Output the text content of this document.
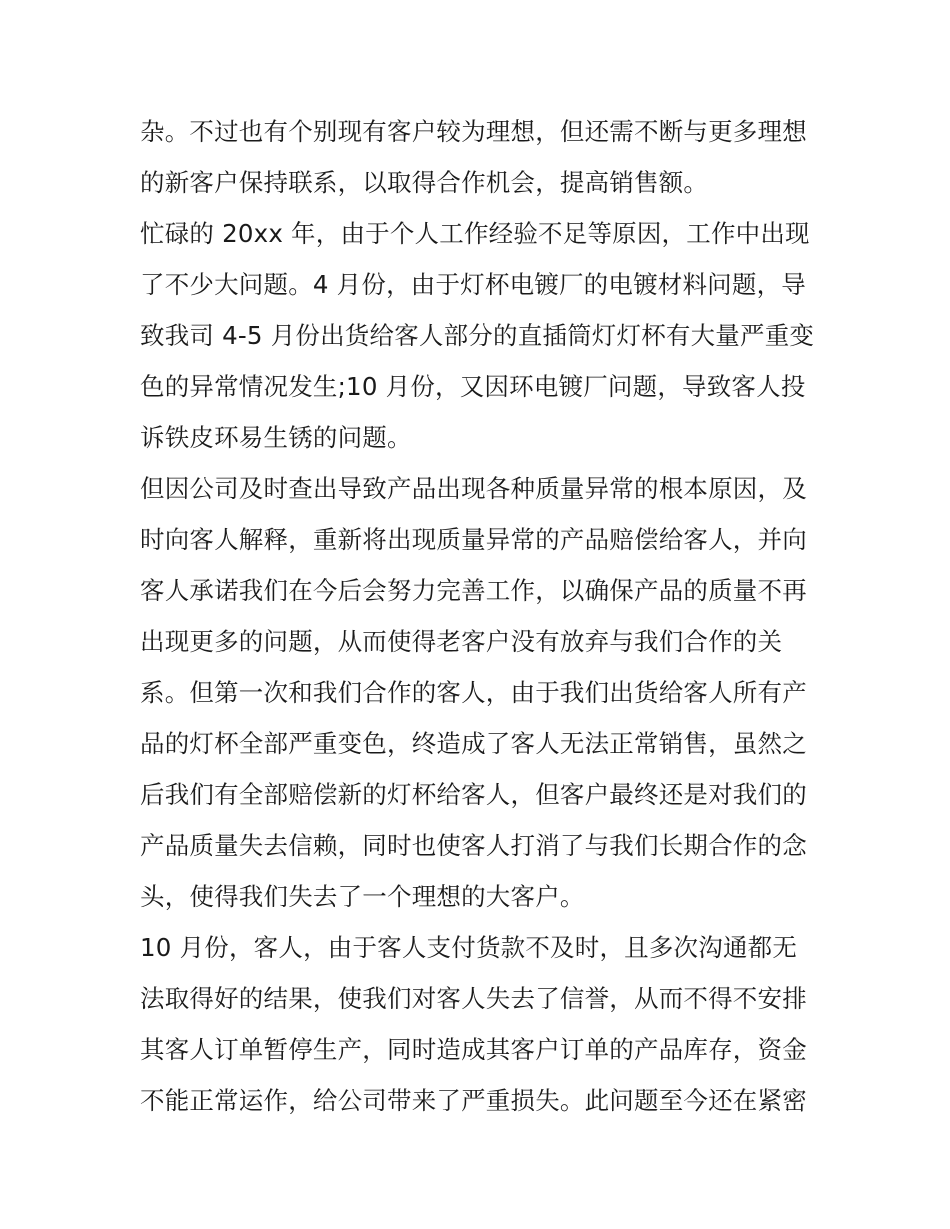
杂。不过也有个别现有客户较为理想，但还需不断与更多理想
的新客户保持联系，以取得合作机会，提高销售额。
忙碌的 20xx 年，由于个人工作经验不足等原因，工作中出现
了不少大问题。4 月份，由于灯杯电镀厂的电镀材料问题，导
致我司 4-5 月份出货给客人部分的直插筒灯灯杯有大量严重变
色的异常情况发生;10 月份，又因环电镀厂问题，导致客人投
诉铁皮环易生锈的问题。
但因公司及时查出导致产品出现各种质量异常的根本原因，及
时向客人解释，重新将出现质量异常的产品赔偿给客人，并向
客人承诺我们在今后会努力完善工作，以确保产品的质量不再
出现更多的问题，从而使得老客户没有放弃与我们合作的关
系。但第一次和我们合作的客人，由于我们出货给客人所有产
品的灯杯全部严重变色，终造成了客人无法正常销售，虽然之
后我们有全部赔偿新的灯杯给客人，但客户最终还是对我们的
产品质量失去信赖，同时也使客人打消了与我们长期合作的念
头，使得我们失去了一个理想的大客户。
10 月份，客人，由于客人支付货款不及时，且多次沟通都无
法取得好的结果，使我们对客人失去了信誉，从而不得不安排
其客人订单暂停生产，同时造成其客户订单的产品库存，资金
不能正常运作，给公司带来了严重损失。此问题至今还在紧密
